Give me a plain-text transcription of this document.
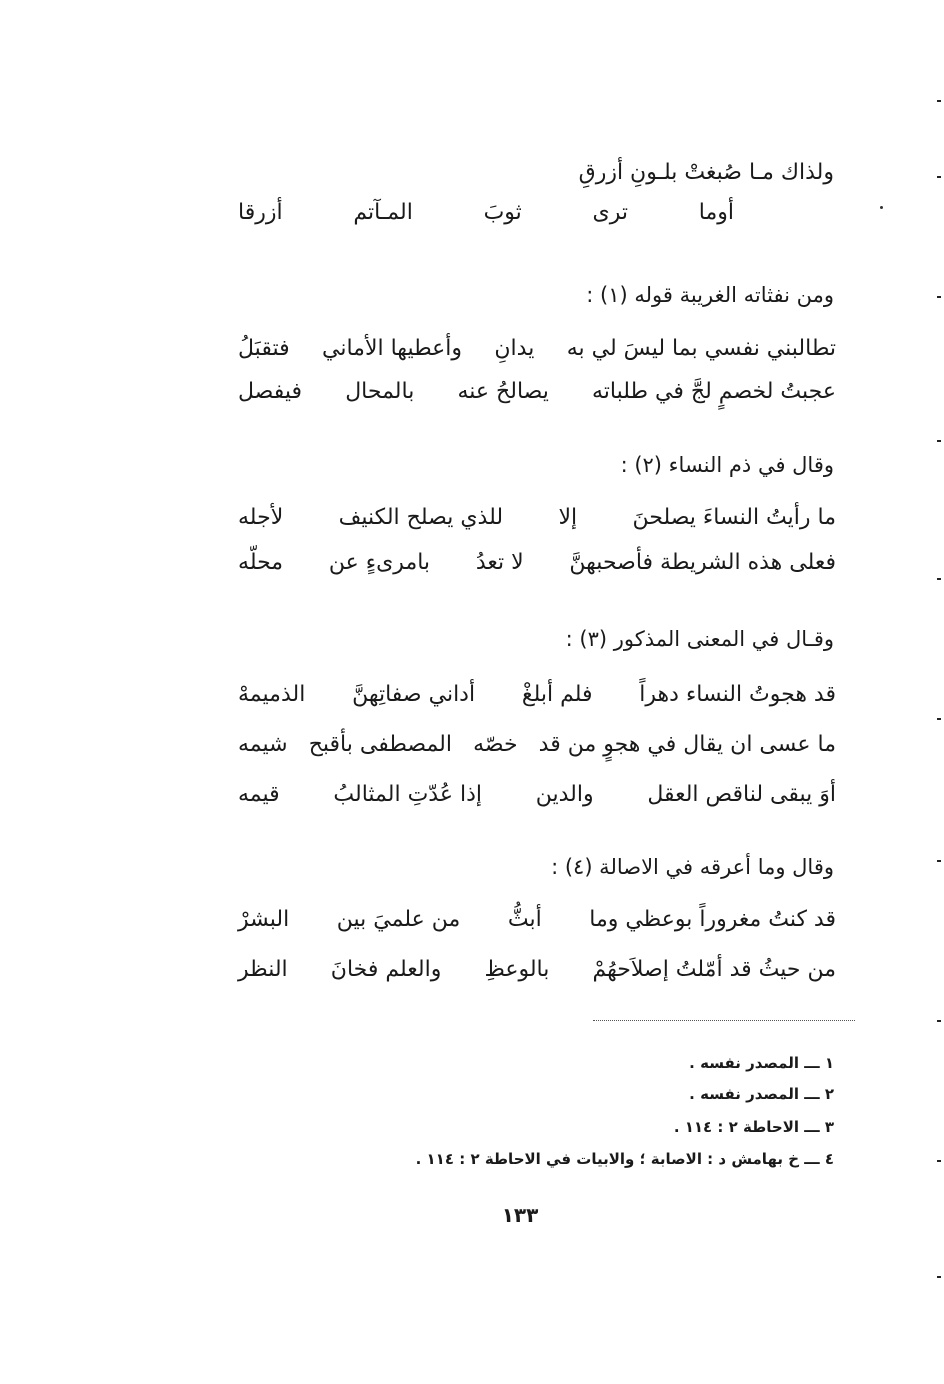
ولذاك مـا صُبغتْ بلـونِ أزرقِ
أوما
ترى
ثوبَ
المـآتم
أزرقا
ومن نفثاته الغريبة قوله (١) :
تطالبني نفسي بما ليسَ لي به
يدانِ
وأعطيها الأماني
فتقبَلُ
عجبتُ لخصمٍ لجَّ في طلباته
يصالحُ عنه
بالمحال
فيفصل
وقال في ذم النساء (٢) :
ما رأيتُ النساءَ يصلحنَ
إلا
للذي يصلح الكنيف
لأجله
فعلى هذه الشريطة فأصحبهنَّ
لا تعدُ
بامرىءٍ عن
محلّه
وقـال في المعنى المذكور (٣) :
قد هجوتُ النساء دهراً
فلم أبلغْ
أداني صفاتِهنَّ
الذميمهْ
ما عسى ان يقال في هجوٍ من قد
خصّه
المصطفى بأقبح
شيمه
أوَ يبقى لناقص العقل
والدين
إذا عُدّتِ المثالبُ
قيمه
وقال وما أعرقه في الاصالة (٤) :
قد كنتُ مغروراً بوعظي وما
أبثُّ
من علميَ بين
البشرْ
من حيثُ قد أمّلتُ إصلاَحهُمْ
بالوعظِ
والعلم فخانَ
النظر
١ ـــ المصدر نفسه .
٢ ـــ المصدر نفسه .
٣ ـــ الاحاطة ٢ : ١١٤ .
٤ ـــ خ بهامش د : الاصابة ؛ والابيات في الاحاطة ٢ : ١١٤ .
١٣٣
